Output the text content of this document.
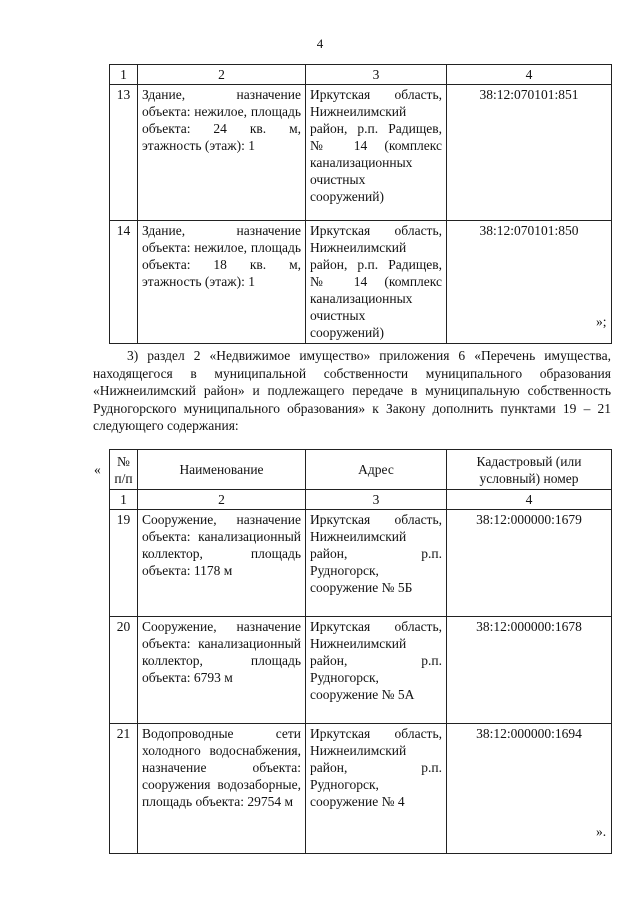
4
1	2	3	4
13	Здание, назначение объекта: нежилое, площадь объекта: 24 кв. м, этажность (этаж): 1	Иркутская область, Нижнеилимский район, р.п. Радищев, № 14 (комплекс канализационных очистных сооружений)	38:12:070101:851
14	Здание, назначение объекта: нежилое, площадь объекта: 18 кв. м, этажность (этаж): 1	Иркутская область, Нижнеилимский район, р.п. Радищев, № 14 (комплекс канализационных очистных сооружений)	38:12:070101:850
»;
3) раздел 2 «Недвижимое имущество» приложения 6 «Перечень имущества, находящегося в муниципальной собственности муниципального образования «Нижнеилимский район» и подлежащего передаче в муниципальную собственность Рудногорского муниципального образования» к Закону дополнить пунктами 19 – 21 следующего содержания:
«
№ п/п	Наименование	Адрес	Кадастровый (или условный) номер
1	2	3	4
19	Сооружение, назначение объекта: канализационный коллектор, площадь объекта: 1178 м	Иркутская область, Нижнеилимский район, р.п. Рудногорск, сооружение № 5Б	38:12:000000:1679
20	Сооружение, назначение объекта: канализационный коллектор, площадь объекта: 6793 м	Иркутская область, Нижнеилимский район, р.п. Рудногорск, сооружение № 5А	38:12:000000:1678
21	Водопроводные сети холодного водоснабжения, назначение объекта: сооружения водозаборные, площадь объекта: 29754 м	Иркутская область, Нижнеилимский район, р.п. Рудногорск, сооружение № 4	38:12:000000:1694
».
